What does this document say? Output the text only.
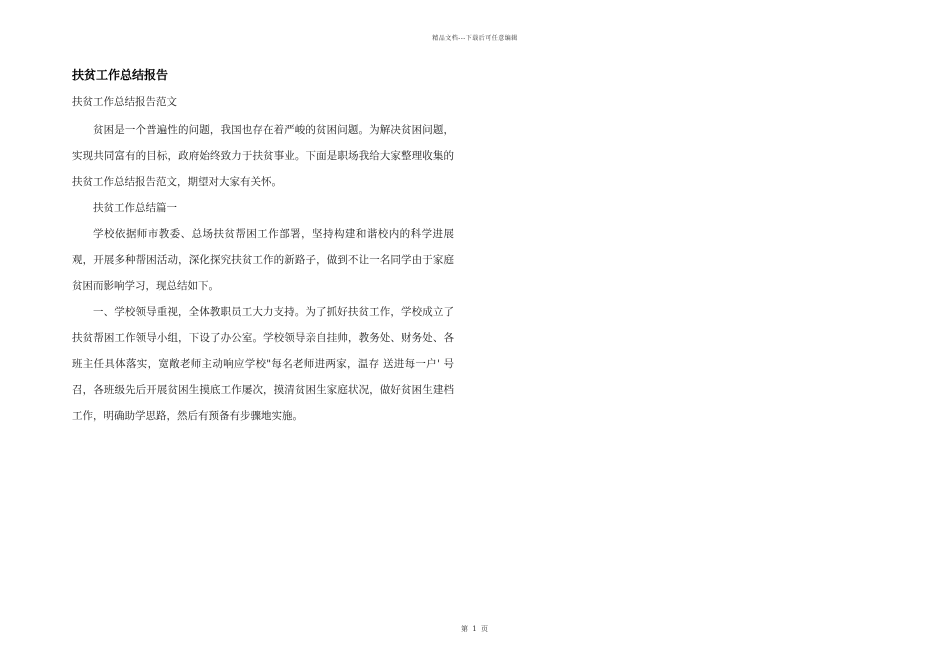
精品文档---下载后可任意编辑
扶贫工作总结报告
扶贫工作总结报告范文

贫困是一个普遍性的问题，我国也存在着严峻的贫困问题。为解决贫困问题，实现共同富有的目标，政府始终致力于扶贫事业。下面是职场我给大家整理收集的扶贫工作总结报告范文，期望对大家有关怀。

扶贫工作总结篇一

学校依据师市教委、总场扶贫帮困工作部署，坚持构建和谐校内的科学进展观，开展多种帮困活动，深化探究扶贫工作的新路子，做到不让一名同学由于家庭贫困而影响学习，现总结如下。

一、学校领导重视，全体教职员工大力支持。为了抓好扶贫工作，学校成立了扶贫帮困工作领导小组，下设了办公室。学校领导亲自挂帅，教务处、财务处、各班主任具体落实，宽敞老师主动响应学校"每名老师进两家，温存 送进每一户' 号召，各班级先后开展贫困生摸底工作屡次，摸清贫困生家庭状况，做好贫困生建档工作，明确助学思路，然后有预备有步骤地实施。

第 1 页
